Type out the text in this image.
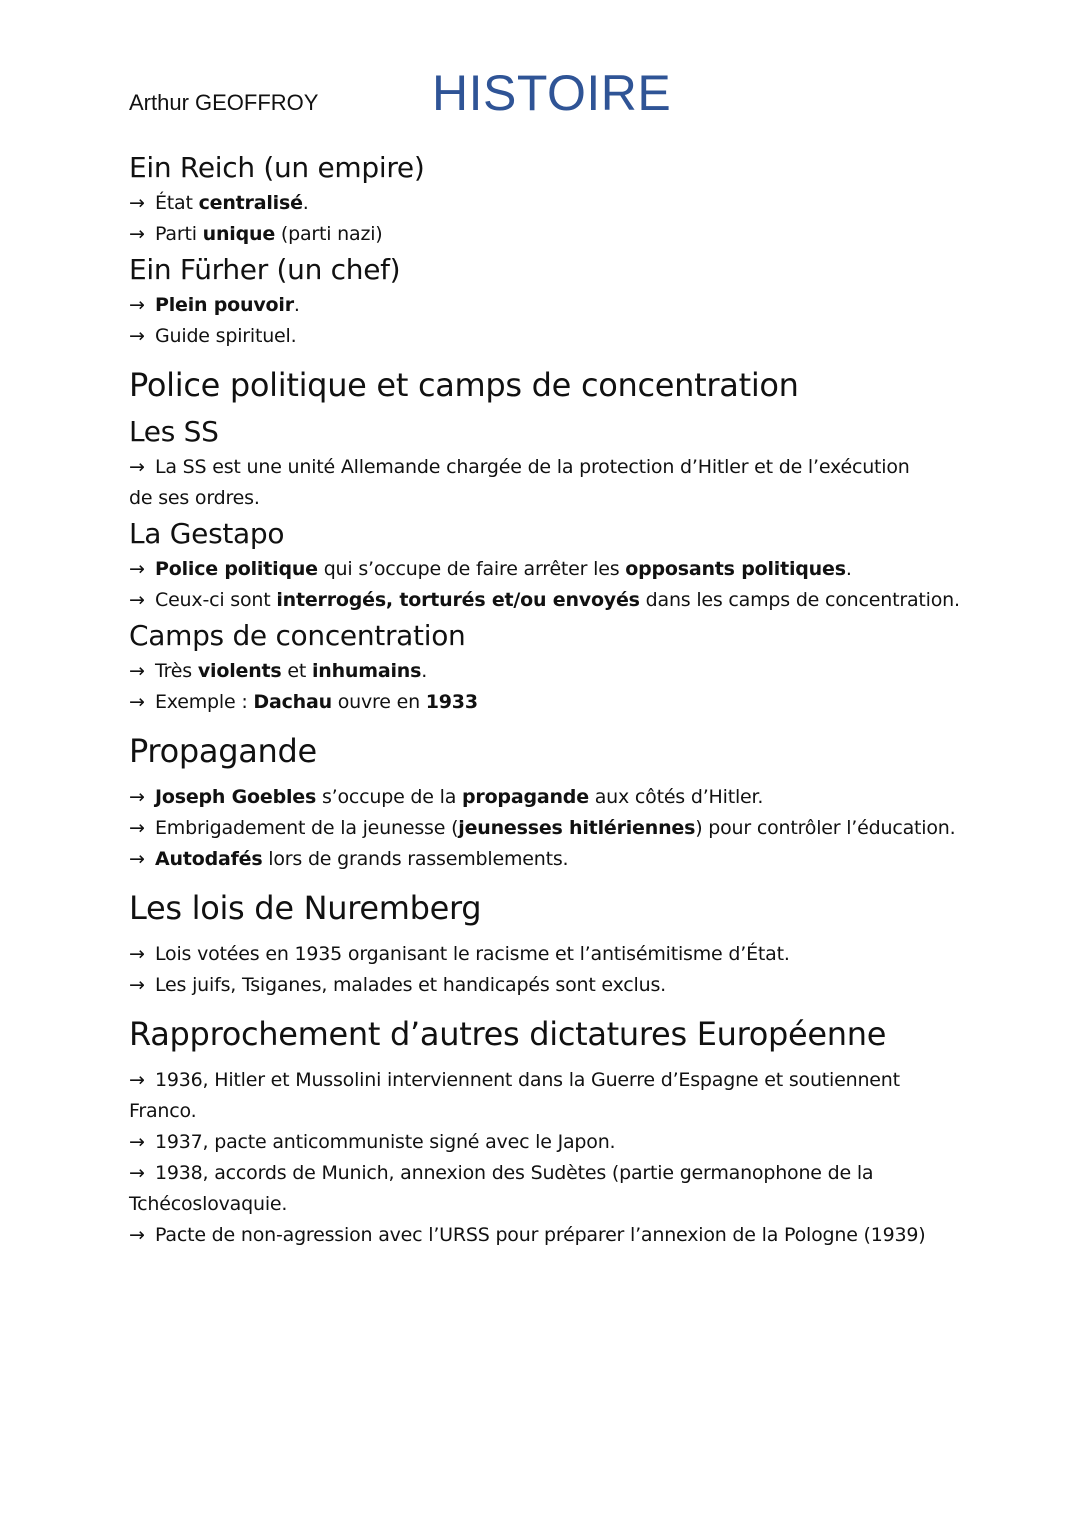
Arthur GEOFFROY HISTOIRE
Ein Reich (un empire)
→ État centralisé.
→ Parti unique (parti nazi)
Ein Fürher (un chef)
→ Plein pouvoir.
→ Guide spirituel.
Police politique et camps de concentration
Les SS
→ La SS est une unité Allemande chargée de la protection d’Hitler et de l’exécution
de ses ordres.
La Gestapo
→ Police politique qui s’occupe de faire arrêter les opposants politiques.
→ Ceux-ci sont interrogés, torturés et/ou envoyés dans les camps de concentration.
Camps de concentration
→ Très violents et inhumains.
→ Exemple : Dachau ouvre en 1933
Propagande
→ Joseph Goebles s’occupe de la propagande aux côtés d’Hitler.
→ Embrigadement de la jeunesse (jeunesses hitlériennes) pour contrôler l’éducation.
→ Autodafés lors de grands rassemblements.
Les lois de Nuremberg
→ Lois votées en 1935 organisant le racisme et l’antisémitisme d’État.
→ Les juifs, Tsiganes, malades et handicapés sont exclus.
Rapprochement d’autres dictatures Européenne
→ 1936, Hitler et Mussolini interviennent dans la Guerre d’Espagne et soutiennent
Franco.
→ 1937, pacte anticommuniste signé avec le Japon.
→ 1938, accords de Munich, annexion des Sudètes (partie germanophone de la
Tchécoslovaquie.
→ Pacte de non-agression avec l’URSS pour préparer l’annexion de la Pologne (1939)
